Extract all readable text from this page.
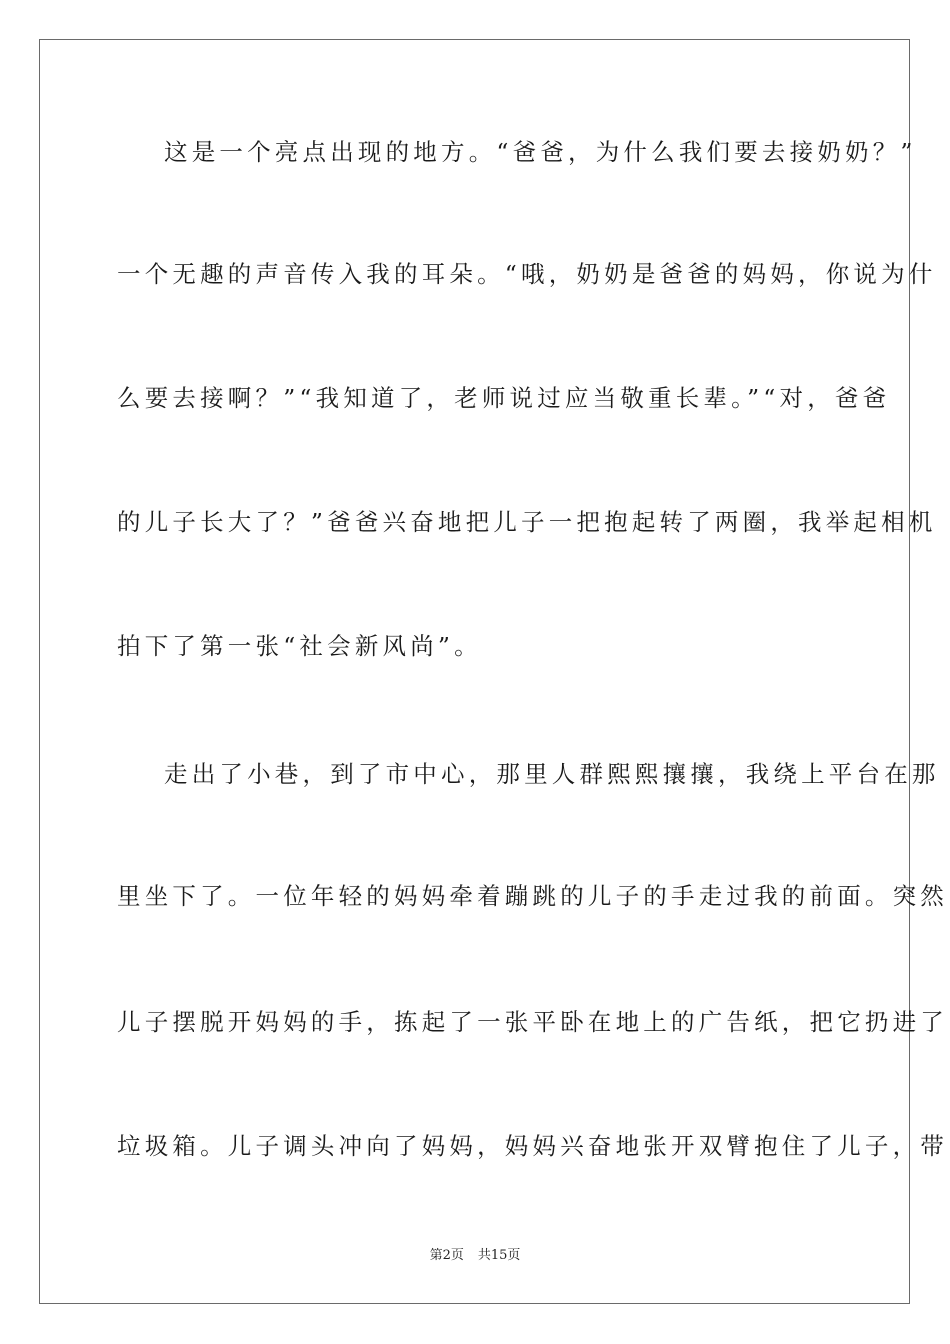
这是一个亮点出现的地方。“爸爸，为什么我们要去接奶奶？”
一个无趣的声音传入我的耳朵。“哦，奶奶是爸爸的妈妈，你说为什
么要去接啊？”“我知道了，老师说过应当敬重长辈。”“对，爸爸
的儿子长大了？”爸爸兴奋地把儿子一把抱起转了两圈，我举起相机
拍下了第一张“社会新风尚”。
走出了小巷，到了市中心，那里人群熙熙攘攘，我绕上平台在那
里坐下了。一位年轻的妈妈牵着蹦跳的儿子的手走过我的前面。突然
儿子摆脱开妈妈的手，拣起了一张平卧在地上的广告纸，把它扔进了
垃圾箱。儿子调头冲向了妈妈，妈妈兴奋地张开双臂抱住了儿子，带
第2页 共15页
